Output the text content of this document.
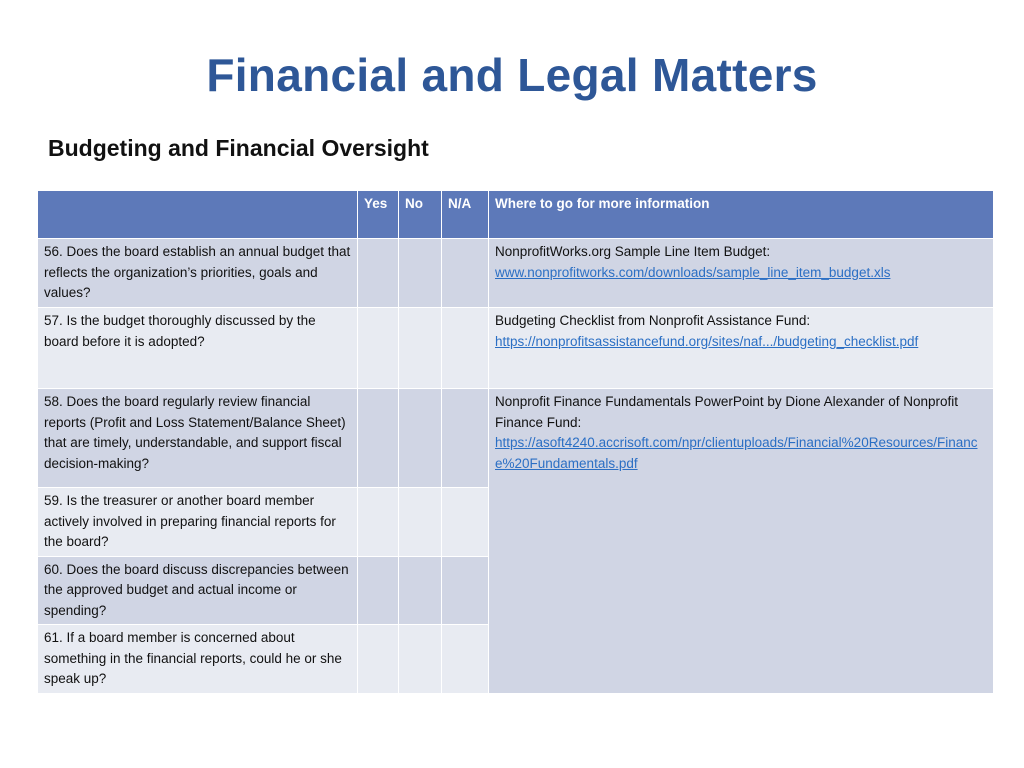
Financial and Legal Matters
Budgeting and Financial Oversight
	Yes	No	N/A	Where to go for more information
56. Does the board establish an annual budget that reflects the organization’s priorities, goals and values?				NonprofitWorks.org Sample Line Item Budget:
www.nonprofitworks.com/downloads/sample_line_item_budget.xls
57. Is the budget thoroughly discussed by the board before it is adopted?				Budgeting Checklist from Nonprofit Assistance Fund:
https://nonprofitsassistancefund.org/sites/naf.../budgeting_checklist.pdf
58. Does the board regularly review financial reports (Profit and Loss Statement/Balance Sheet) that are timely, understandable, and support fiscal decision-making?				Nonprofit Finance Fundamentals PowerPoint by Dione Alexander of Nonprofit Finance Fund:
https://asoft4240.accrisoft.com/npr/clientuploads/Financial%20Resources/Finance%20Fundamentals.pdf
59. Is the treasurer or another board member actively involved in preparing financial reports for the board?				
60. Does the board discuss discrepancies between the approved budget and actual income or spending?				
61. If a board member is concerned about something in the financial reports, could he or she speak up?				
